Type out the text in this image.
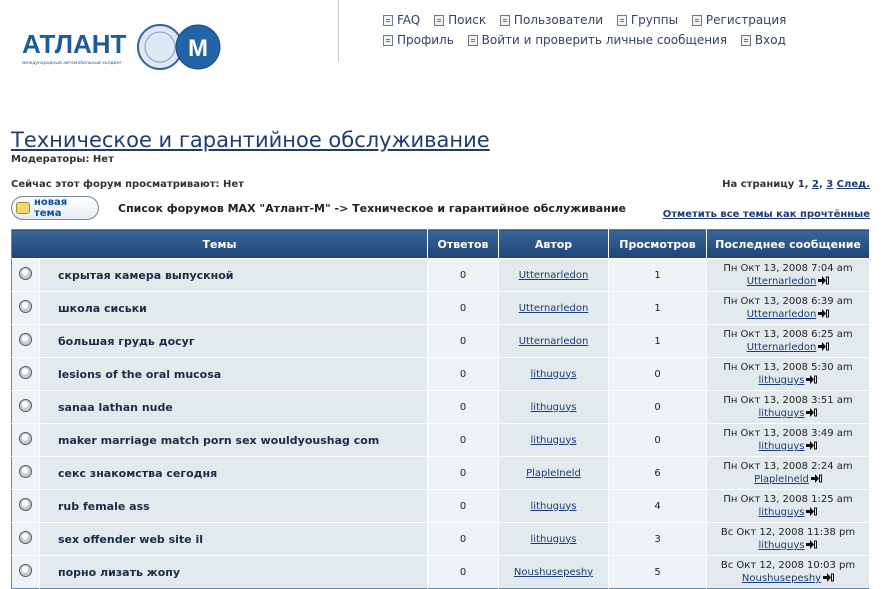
АТЛАНТ	М
международный автомобильный холдинг
FAQ
Поиск
Пользователи
Группы
Регистрация
Профиль
Войти и проверить личные сообщения
Вход
Техническое и гарантийное обслуживание
Модераторы: Нет
Сейчас этот форум просматривают: Нет	На страницу 1, 2, 3 След.
новая тема	Список форумов MAX "Атлант-М" -> Техническое и гарантийное обслуживание	Отметить все темы как прочтённые
Темы		Ответов	Автор	Просмотров	Последнее сообщение
	скрытая камера выпускной	0	Utternarledon	1	Пн Окт 13, 2008 7:04 am
Utternarledon

	школа сиськи	0	Utternarledon	1	Пн Окт 13, 2008 6:39 am
Utternarledon

	большая грудь досуг	0	Utternarledon	1	Пн Окт 13, 2008 6:25 am
Utternarledon

	lesions of the oral mucosa	0	lithuguys	0	Пн Окт 13, 2008 5:30 am
lithuguys

	sanaa lathan nude	0	lithuguys	0	Пн Окт 13, 2008 3:51 am
lithuguys

	maker marriage match porn sex wouldyoushag com	0	lithuguys	0	Пн Окт 13, 2008 3:49 am
lithuguys

	секс знакомства сегодня	0	PlapleIneld	6	Пн Окт 13, 2008 2:24 am
PlapleIneld

	rub female ass	0	lithuguys	4	Пн Окт 13, 2008 1:25 am
lithuguys

	sex offender web site il	0	lithuguys	3	Вс Окт 12, 2008 11:38 pm
lithuguys

	порно лизать жопу	0	Noushusepeshy	5	Вс Окт 12, 2008 10:03 pm
Noushusepeshy
